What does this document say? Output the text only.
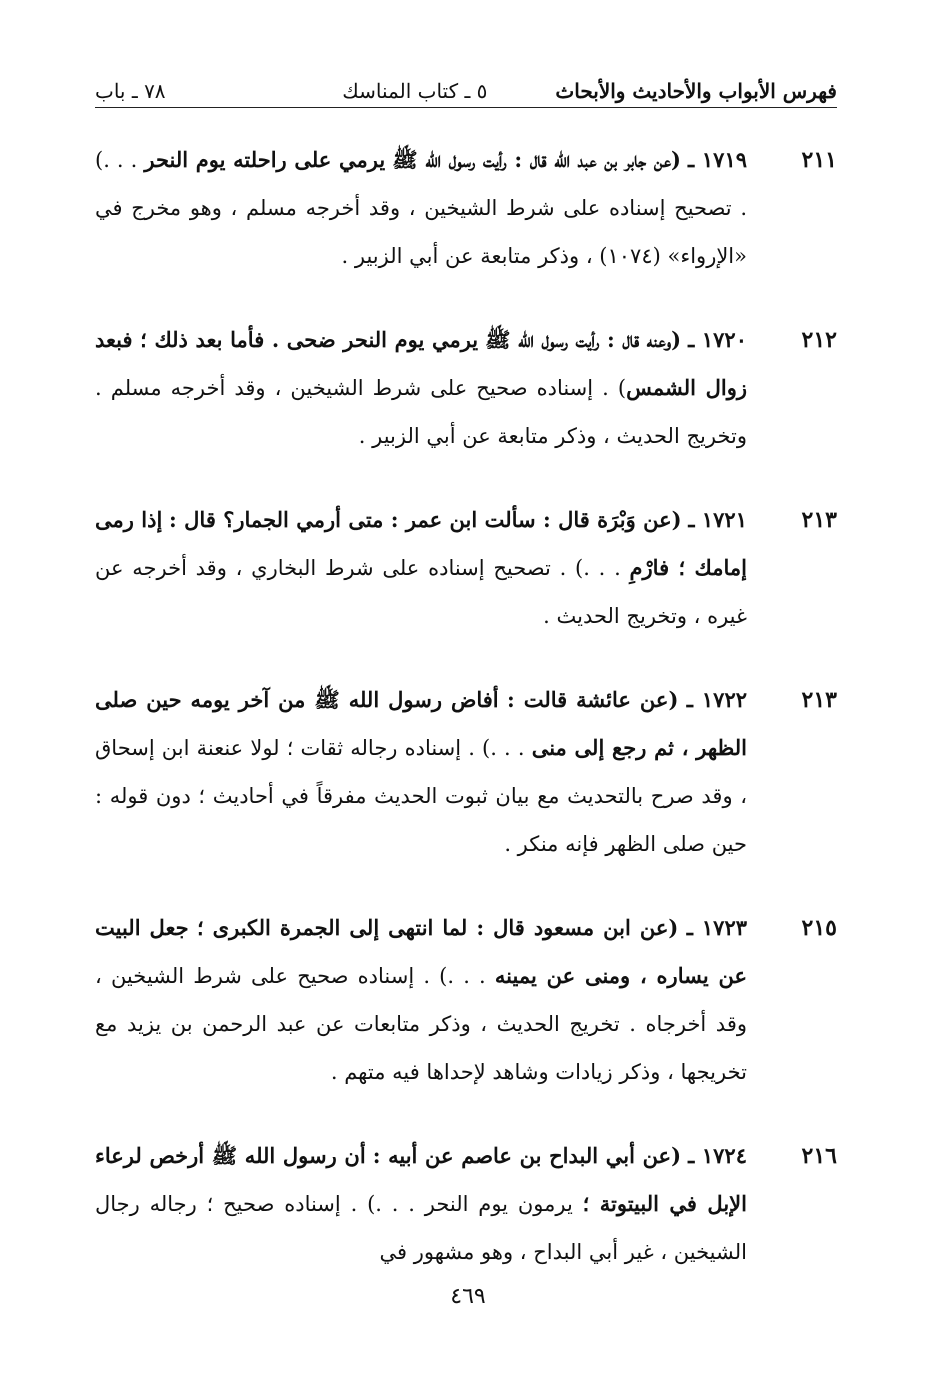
فهرس الأبواب والأحاديث والأبحاث
٥ ـ كتاب المناسك
٧٨ ـ باب
٢١١
١٧١٩ ـ (عن جابر بن عبد الله قال : رأيت رسول الله ﷺ يرمي على راحلته يوم النحر . . .) . تصحيح إسناده على شرط الشيخين ، وقد أخرجه مسلم ، وهو مخرج في «الإرواء» (١٠٧٤) ، وذكر متابعة عن أبي الزبير .
٢١٢
١٧٢٠ ـ (وعنه قال : رأيت رسول الله ﷺ يرمي يوم النحر ضحى . فأما بعد ذلك ؛ فبعد زوال الشمس) . إسناده صحيح على شرط الشيخين ، وقد أخرجه مسلم . وتخريج الحديث ، وذكر متابعة عن أبي الزبير .
٢١٣
١٧٢١ ـ (عن وَبْرَة قال : سألت ابن عمر : متى أرمي الجمار؟ قال : إذا رمى إمامك ؛ فارْمِ . . .) . تصحيح إسناده على شرط البخاري ، وقد أخرجه عن غيره ، وتخريج الحديث .
٢١٣
١٧٢٢ ـ (عن عائشة قالت : أفاض رسول الله ﷺ من آخر يومه حين صلى الظهر ، ثم رجع إلى منى . . .) . إسناده رجاله ثقات ؛ لولا عنعنة ابن إسحاق ، وقد صرح بالتحديث مع بيان ثبوت الحديث مفرقاً في أحاديث ؛ دون قوله : حين صلى الظهر فإنه منكر .
٢١٥
١٧٢٣ ـ (عن ابن مسعود قال : لما انتهى إلى الجمرة الكبرى ؛ جعل البيت عن يساره ، ومنى عن يمينه . . .) . إسناده صحيح على شرط الشيخين ، وقد أخرجاه . تخريج الحديث ، وذكر متابعات عن عبد الرحمن بن يزيد مع تخريجها ، وذكر زيادات وشاهد لإحداها فيه متهم .
٢١٦
١٧٢٤ ـ (عن أبي البداح بن عاصم عن أبيه : أن رسول الله ﷺ أرخص لرعاء الإبل في البيتوتة ؛ يرمون يوم النحر . . .) . إسناده صحيح ؛ رجاله رجال الشيخين ، غير أبي البداح ، وهو مشهور في
٤٦٩
